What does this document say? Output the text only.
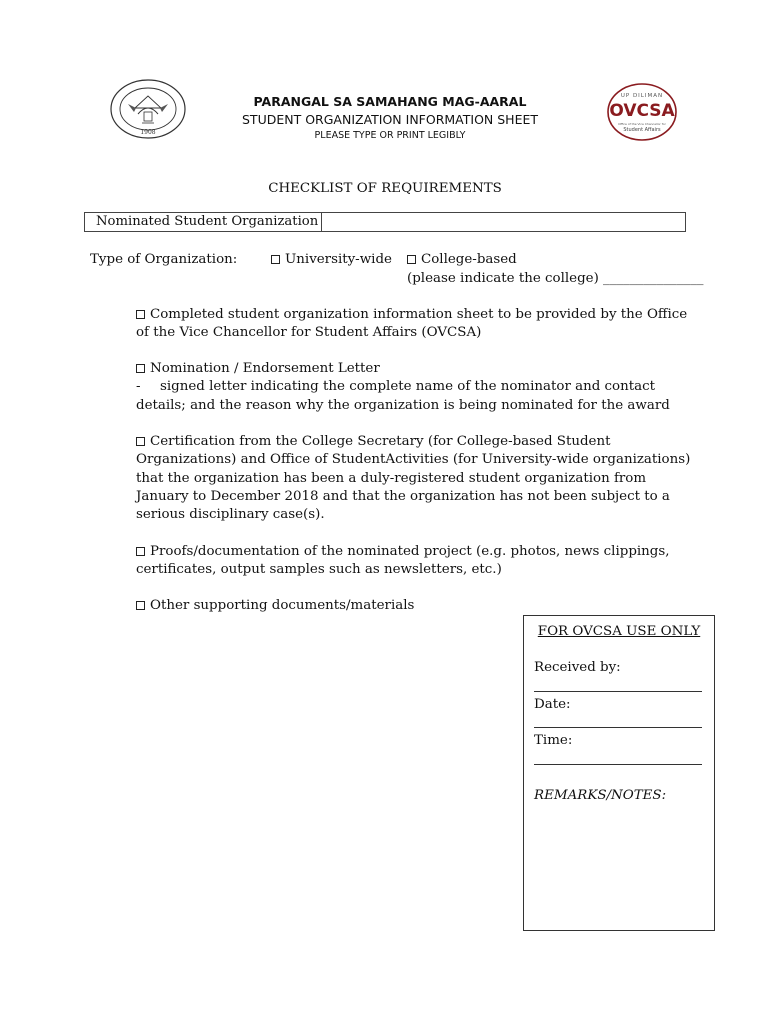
1908
PARANGAL SA SAMAHANG MAG-AARAL
STUDENT ORGANIZATION INFORMATION SHEET
PLEASE TYPE OR PRINT LEGIBLY
UP DILIMAN
OVCSA
Office of the Vice Chancellor for
Student Affairs
CHECKLIST OF REQUIREMENTS
Nominated Student Organization
Type of Organization:	University-wide	College-based
(please indicate the college) _______________

Completed student organization information sheet to be provided by the Office of the Vice Chancellor for Student Affairs (OVCSA)

Nomination / Endorsement Letter

- signed letter indicating the complete name of the nominator and contact details; and the reason why the organization is being nominated for the award

Certification from the College Secretary (for College-based Student Organizations) and Office of StudentActivities (for University-wide organizations) that the organization has been a duly-registered student organization from January to December 2018 and that the organization has not been subject to a serious disciplinary case(s).

Proofs/documentation of the nominated project (e.g. photos, news clippings, certificates, output samples such as newsletters, etc.)

Other supporting documents/materials

FOR OVCSA USE ONLY
Received by:
Date:
Time:
REMARKS/NOTES:
